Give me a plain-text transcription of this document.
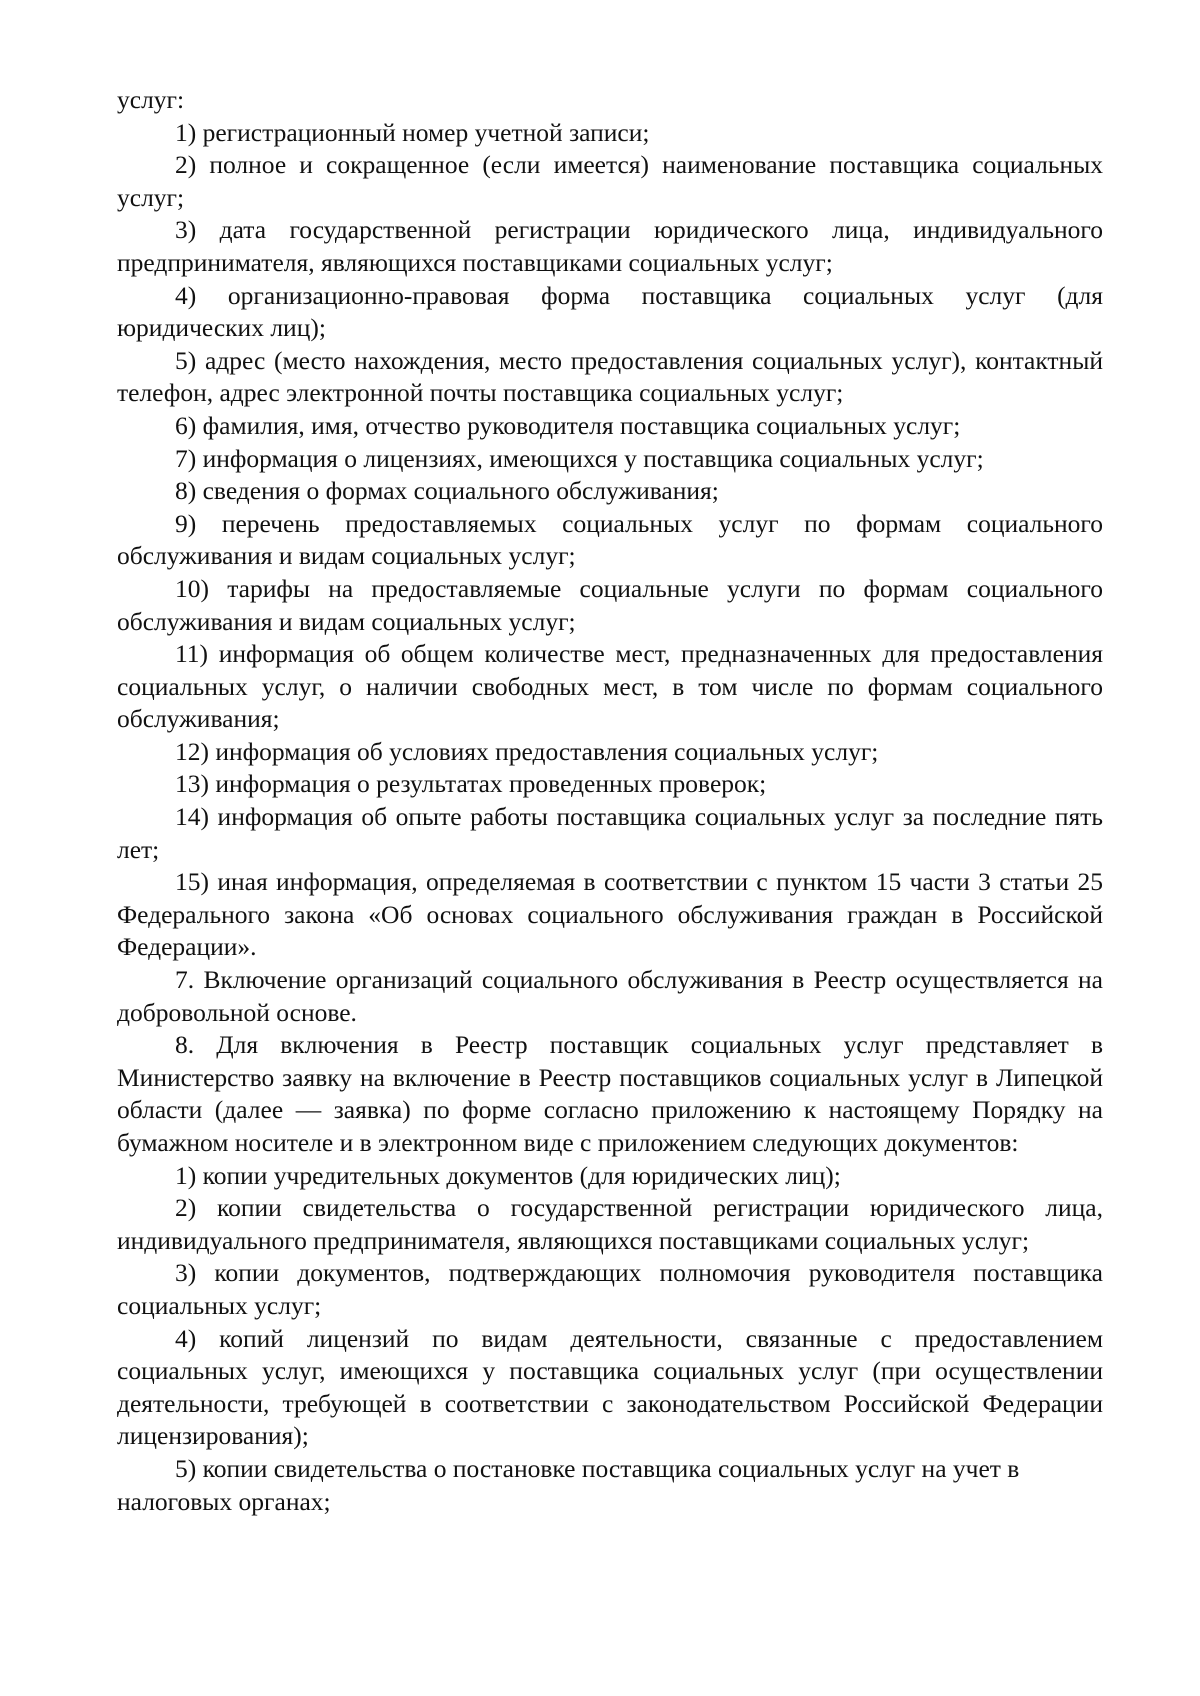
услуг:

1) регистрационный номер учетной записи;

2) полное и сокращенное (если имеется) наименование поставщика социальных услуг;

3) дата государственной регистрации юридического лица, индивидуального предпринимателя, являющихся поставщиками социальных услуг;

4) организационно-правовая форма поставщика социальных услуг (для юридических лиц);

5) адрес (место нахождения, место предоставления социальных услуг), контактный телефон, адрес электронной почты поставщика социальных услуг;

6) фамилия, имя, отчество руководителя поставщика социальных услуг;

7) информация о лицензиях, имеющихся у поставщика социальных услуг;

8) сведения о формах социального обслуживания;

9) перечень предоставляемых социальных услуг по формам социального обслуживания и видам социальных услуг;

10) тарифы на предоставляемые социальные услуги по формам социального обслуживания и видам социальных услуг;

11) информация об общем количестве мест, предназначенных для предоставления социальных услуг, о наличии свободных мест, в том числе по формам социального обслуживания;

12) информация об условиях предоставления социальных услуг;

13) информация о результатах проведенных проверок;

14) информация об опыте работы поставщика социальных услуг за последние пять лет;

15) иная информация, определяемая в соответствии с пунктом 15 части 3 статьи 25 Федерального закона «Об основах социального обслуживания граждан в Российской Федерации».

7. Включение организаций социального обслуживания в Реестр осуществляется на добровольной основе.

8. Для включения в Реестр поставщик социальных услуг представляет в Министерство заявку на включение в Реестр поставщиков социальных услуг в Липецкой области (далее — заявка) по форме согласно приложению к настоящему Порядку на бумажном носителе и в электронном виде с приложением следующих документов:

1) копии учредительных документов (для юридических лиц);

2) копии свидетельства о государственной регистрации юридического лица, индивидуального предпринимателя, являющихся поставщиками социальных услуг;

3) копии документов, подтверждающих полномочия руководителя поставщика социальных услуг;

4) копий лицензий по видам деятельности, связанные с предоставлением социальных услуг, имеющихся у поставщика социальных услуг (при осуществлении деятельности, требующей в соответствии с законодательством Российской Федерации лицензирования);

5) копии свидетельства о постановке поставщика социальных услуг на учет в налоговых органах;
